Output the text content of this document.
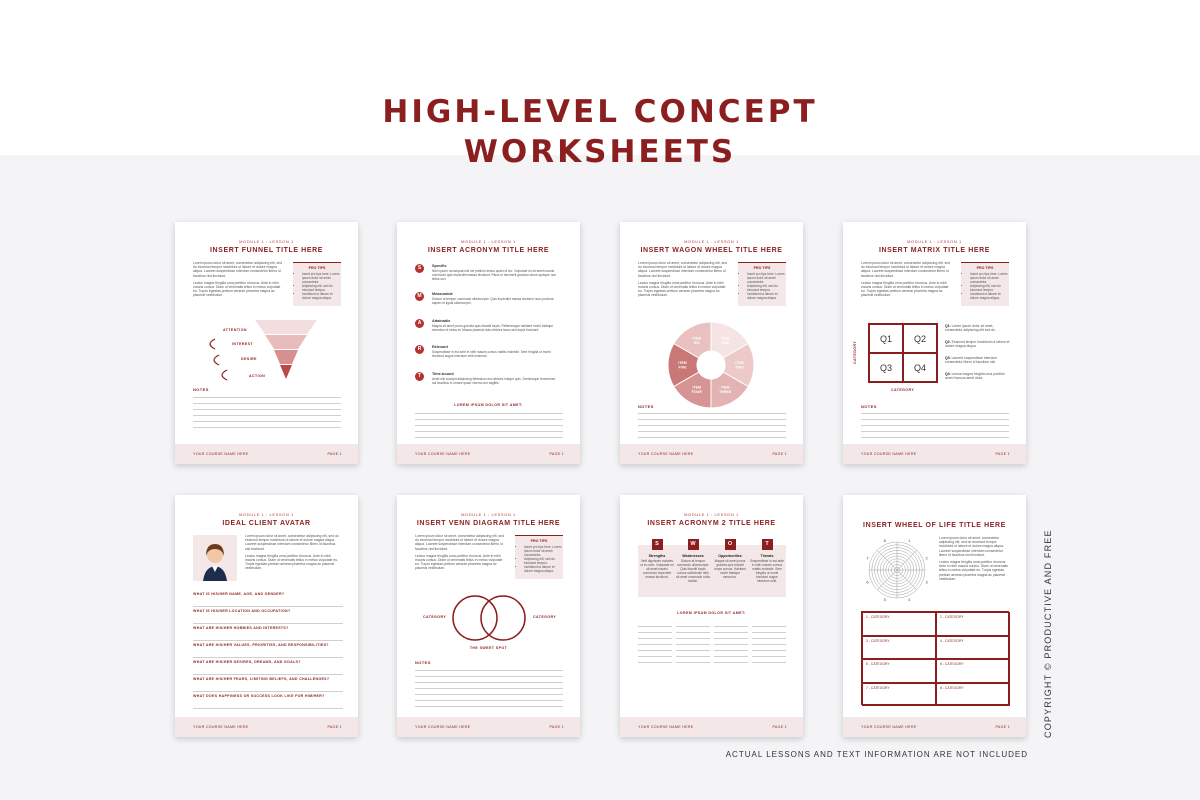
HIGH-LEVEL CONCEPT
WORKSHEETS
MODULE 1 : LESSON 1
INSERT FUNNEL TITLE HERE

Lorem ipsum dolor sit amet, consectetur adipiscing elit, sed do eiusmod tempor incididunt ut labore et dolore magna aliqua. Laoreet suspendisse interdum consectetur libero id faucibus nisl tincidunt.

Lectus magna fringilla urna porttitor rhoncus. Ante in nibh mauris cursus. Diam ut venenatis tellus in metus vulputate eu. Turpis egestas pretium aenean pharetra magna ac placerat vestibulum.

PRO TIPS
• Insert pro tips here. Lorem ipsum dolor sit amet consectetur.
• Adipiscing elit, sed do eiusmod tempor.
• Incididunt ut labore et dolore magna aliqua.
ATTENTION
INTEREST
DESIRE
ACTION
NOTES
YOUR COURSE NAME HERE	PAGE 1
MODULE 1 : LESSON 1
INSERT ACRONYM TITLE HERE
S	Specific
Nibh ipsum consequat nisl vel pretium lectus quam id leo. Vulputate mi sit amet mauris commodo quis imperdiet massa tincidunt. Risus in hendrerit gravida rutrum quisque non tellus orci.
M	Measurable
Dictum at tempor commodo ullamcorper. Quis imperdiet massa tincidunt nunc pulvinar sapien et ligula ullamcorper.
A	Attainable
Magna sit amet purus gravida quis blandit turpis. Pellentesque habitant morbi tristique senectus et netus et. Massa placerat duis ultricies lacus sed turpis tincidunt.
R	Relevant
Suspendisse in est ante in nibh mauris cursus mattis molestie. Sem fringilla ut morbi tincidunt augue interdum velit euismod.
T	Time-bound
Amet nisl suscipit adipiscing bibendum est ultricies integer quis. Scelerisque fermentum dui faucibus in ornare quam viverra orci sagittis.
LOREM IPSUM DOLOR SIT AMET:
YOUR COURSE NAME HERE	PAGE 1
MODULE 1 : LESSON 1
INSERT WAGON WHEEL TITLE HERE

Lorem ipsum dolor sit amet, consectetur adipiscing elit, sed do eiusmod tempor incididunt ut labore et dolore magna aliqua. Laoreet suspendisse interdum consectetur libero id faucibus nisl tincidunt.

Lectus magna fringilla urna porttitor rhoncus. Ante in nibh mauris cursus. Diam ut venenatis tellus in metus vulputate eu. Turpis egestas pretium aenean pharetra magna ac placerat vestibulum.

PRO TIPS
• Insert pro tips here. Lorem ipsum dolor sit amet consectetur.
• Adipiscing elit, sed do eiusmod tempor.
• Incididunt ut labore et dolore magna aliqua.
ITEM ONE
ITEM TWO
ITEM THREE
ITEM FOUR
ITEM FIVE
ITEM SIX
NOTES
YOUR COURSE NAME HERE	PAGE 1
MODULE 1 : LESSON 1
INSERT MATRIX TITLE HERE

Lorem ipsum dolor sit amet, consectetur adipiscing elit, sed do eiusmod tempor incididunt ut labore et dolore magna aliqua. Laoreet suspendisse interdum consectetur libero id faucibus nisl tincidunt.

Lectus magna fringilla urna porttitor rhoncus. Ante in nibh mauris cursus. Diam ut venenatis tellus in metus vulputate eu. Turpis egestas pretium aenean pharetra magna ac placerat vestibulum.

PRO TIPS
• Insert pro tips here. Lorem ipsum dolor sit amet consectetur.
• Adipiscing elit, sed do eiusmod tempor.
• Incididunt ut labore et dolore magna aliqua.
Q1	Q2
Q3	Q4
CATEGORY
CATEGORY
Q1: Lorem ipsum dolor sit amet, consectetur adipiscing elit sed do.
Q2: Eiusmod tempor incididunt ut labore et dolore magna aliqua.
Q3: Laoreet suspendisse interdum consectetur libero id faucibus nisl.
Q4: Lectus magna fringilla urna porttitor amet rhoncus amet dolor.
NOTES
YOUR COURSE NAME HERE	PAGE 1
MODULE 1 : LESSON 1
IDEAL CLIENT AVATAR

Lorem ipsum dolor sit amet, consectetur adipiscing elit, sed do eiusmod tempor incididunt ut labore et dolore magna aliqua. Laoreet suspendisse interdum consectetur libero id faucibus nisl tincidunt.

Lectus magna fringilla urna porttitor rhoncus. Ante in nibh mauris cursus. Diam ut venenatis tellus in metus vulputate eu. Turpis egestas pretium aenean pharetra magna ac placerat vestibulum.

WHAT IS HIS/HER NAME, AGE, AND GENDER?
WHAT IS HIS/HER LOCATION AND OCCUPATION?
WHAT ARE HIS/HER HOBBIES AND INTERESTS?
WHAT ARE HIS/HER VALUES, PRIORITIES, AND RESPONSIBILITIES?
WHAT ARE HIS/HER DESIRES, DREAMS, AND GOALS?
WHAT ARE HIS/HER FEARS, LIMITING BELIEFS, AND CHALLENGES?
WHAT DOES HAPPINESS OR SUCCESS LOOK LIKE FOR HIM/HER?
YOUR COURSE NAME HERE	PAGE 1
MODULE 1 : LESSON 1
INSERT VENN DIAGRAM TITLE HERE

Lorem ipsum dolor sit amet, consectetur adipiscing elit, sed do eiusmod tempor incididunt ut labore et dolore magna aliqua. Laoreet suspendisse interdum consectetur libero id faucibus nisl tincidunt.

Lectus magna fringilla urna porttitor rhoncus. Ante in nibh mauris cursus. Diam ut venenatis tellus in metus vulputate eu. Turpis egestas pretium aenean pharetra magna ac placerat vestibulum.

PRO TIPS
• Insert pro tips here. Lorem ipsum dolor sit amet consectetur.
• Adipiscing elit, sed do eiusmod tempor.
• Incididunt ut labore et dolore magna aliqua.
CATEGORY	CATEGORY
THE SWEET SPOT
NOTES
YOUR COURSE NAME HERE	PAGE 1
MODULE 1 : LESSON 1
INSERT ACRONYM 2 TITLE HERE
S
Strengths
Velit dignissim sodales ut eu sem. Vulputate mi sit amet mauris commodo imperdiet massa tincidunt.
W
Weaknesses
Dictum at tempor commodo ullamcorper. Quis blandit turpis cursus sollicitudin nibh sit amet commodo nulla facilisi.
O
Opportunities
Magna sit amet purus gravida quis blandit turpis cursus. Habitant morbi tristique senectus.
T
Threats
Suspendisse in est ante in nibh mauris cursus mattis molestie. Sem fringilla ut morbi tincidunt augue interdum velit.
LOREM IPSUM DOLOR SIT AMET:
YOUR COURSE NAME HERE	PAGE 1
INSERT WHEEL OF LIFE TITLE HERE
1
2
3
4
5
6
7
8	Lorem ipsum dolor sit amet, consectetur adipiscing elit, sed do eiusmod tempor incididunt ut labore et dolore magna aliqua. Laoreet suspendisse interdum consectetur libero id faucibus nisl tincidunt.

Lectus magna fringilla urna porttitor rhoncus. Ante in nibh mauris cursus. Diam ut venenatis tellus in metus vulputate eu. Turpis egestas pretium aenean pharetra magna ac placerat vestibulum.

1 - CATEGORY	2 - CATEGORY
3 - CATEGORY	4 - CATEGORY
5 - CATEGORY	6 - CATEGORY
7 - CATEGORY	8 - CATEGORY
YOUR COURSE NAME HERE	PAGE 1	COPYRIGHT © PRODUCTIVE AND FREE
ACTUAL LESSONS AND TEXT INFORMATION ARE NOT INCLUDED
